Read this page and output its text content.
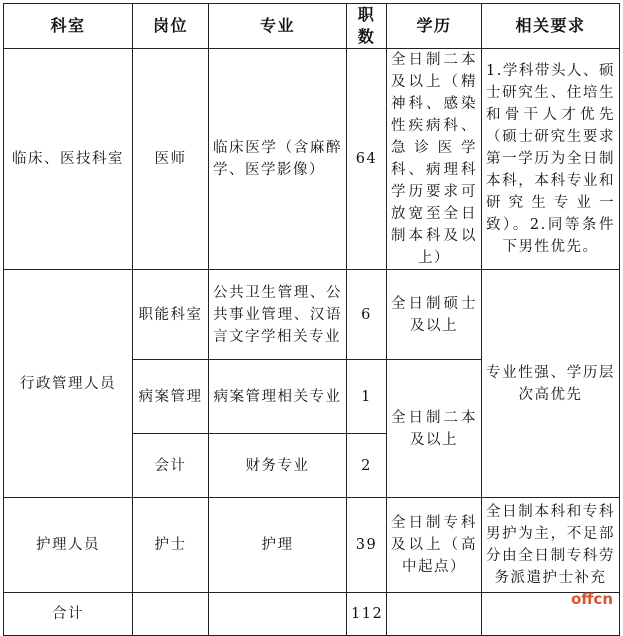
科室	岗位	专业	职数	学历	相关要求
临床、医技科室	医师	临床医学（含麻醉学、医学影像）	64	全日制二本及以上（精神科、感染性疾病科、急诊医学科、病理科学历要求可放宽至全日制本科及以上）	1.学科带头人、硕士研究生、住培生和骨干人才优先（硕士研究生要求第一学历为全日制本科，本科专业和研究生专业一致）。2.同等条件下男性优先。
行政管理人员	职能科室	公共卫生管理、公共事业管理、汉语言文字学相关专业	6	全日制硕士及以上	专业性强、学历层次高优先
	病案管理	病案管理相关专业	1	全日制二本及以上	
	会计	财务专业	2		
护理人员	护士	护理	39	全日制专科及以上（高中起点）	全日制本科和专科男护为主，不足部分由全日制专科劳务派遣护士补充
合计			112		
offcn
